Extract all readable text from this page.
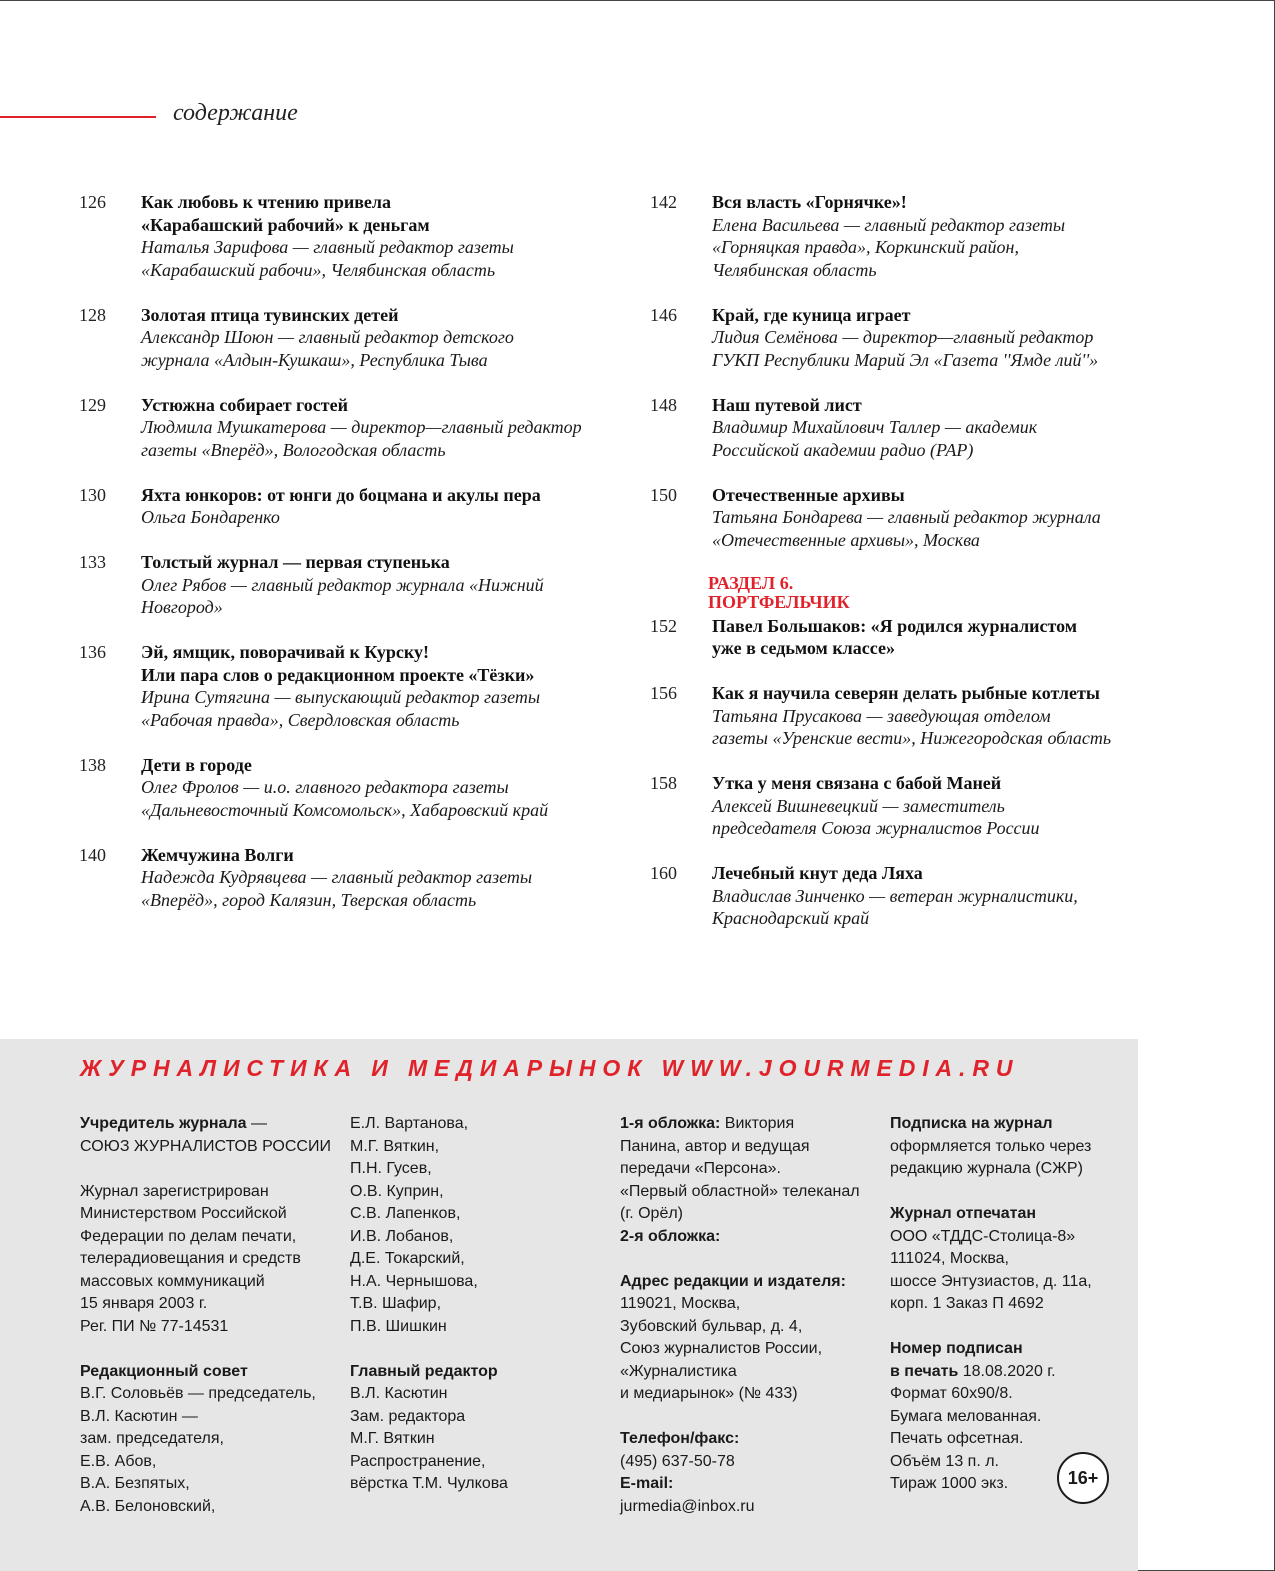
содержание
126 Как любовь к чтению привела
«Карабашский рабочий» к деньгам
Наталья Зарифова — главный редактор газеты
«Карабашский рабочи», Челябинская область
128 Золотая птица тувинских детей
Александр Шоюн — главный редактор детского
журнала «Алдын-Кушкаш», Республика Тыва
129 Устюжна собирает гостей
Людмила Мушкатерова — директор—главный редактор
газеты «Вперёд», Вологодская область
130 Яхта юнкоров: от юнги до боцмана и акулы пера
Ольга Бондаренко
133 Толстый журнал — первая ступенька
Олег Рябов — главный редактор журнала «Нижний
Новгород»
136 Эй, ямщик, поворачивай к Курску!
Или пара слов о редакционном проекте «Тёзки»
Ирина Сутягина — выпускающий редактор газеты
«Рабочая правда», Свердловская область
138 Дети в городе
Олег Фролов — и.о. главного редактора газеты
«Дальневосточный Комсомольск», Хабаровский край
140 Жемчужина Волги
Надежда Кудрявцева — главный редактор газеты
«Вперёд», город Калязин, Тверская область
142 Вся власть «Горнячке»!
Елена Васильева — главный редактор газеты
«Горняцкая правда», Коркинский район,
Челябинская область
146 Край, где куница играет
Лидия Семёнова — директор—главный редактор
ГУКП Республики Марий Эл «Газета ''Ямде лий''»
148 Наш путевой лист
Владимир Михайлович Таллер — академик
Российской академии радио (РАР)
150 Отечественные архивы
Татьяна Бондарева — главный редактор журнала
«Отечественные архивы», Москва
РАЗДЕЛ 6.
ПОРТФЕЛЬЧИК
152 Павел Большаков: «Я родился журналистом
уже в седьмом классе»
156 Как я научила северян делать рыбные котлеты
Татьяна Прусакова — заведующая отделом
газеты «Уренские вести», Нижегородская область
158 Утка у меня связана с бабой Маней
Алексей Вишневецкий — заместитель
председателя Союза журналистов России
160 Лечебный кнут деда Ляха
Владислав Зинченко — ветеран журналистики,
Краснодарский край
ЖУРНАЛИСТИКА И МЕДИАРЫНОК WWW.JOURMEDIA.RU

Учредитель журнала —

СОЮЗ ЖУРНАЛИСТОВ РОССИИ

Журнал зарегистрирован

Министерством Российской

Федерации по делам печати,

телерадиовещания и средств

массовых коммуникаций

15 января 2003 г.

Рег. ПИ № 77-14531

Редакционный совет

В.Г. Соловьёв — председатель,

В.Л. Касютин —

зам. председателя,

Е.В. Абов,

В.А. Безпятых,

А.В. Белоновский,

Е.Л. Вартанова,

М.Г. Вяткин,

П.Н. Гусев,

О.В. Куприн,

С.В. Лапенков,

И.В. Лобанов,

Д.Е. Токарский,

Н.А. Чернышова,

Т.В. Шафир,

П.В. Шишкин

Главный редактор

В.Л. Касютин

Зам. редактора

М.Г. Вяткин

Распространение,

вёрстка Т.М. Чулкова

1-я обложка: Виктория

Панина, автор и ведущая

передачи «Персона».

«Первый областной» телеканал

(г. Орёл)

2-я обложка:

Адрес редакции и издателя:

119021, Москва,

Зубовский бульвар, д. 4,

Союз журналистов России,

«Журналистика

и медиарынок» (№ 433)

Телефон/факс:

(495) 637-50-78

E-mail:

jurmedia@inbox.ru

Подписка на журнал

оформляется только через

редакцию журнала (СЖР)

Журнал отпечатан

ООО «ТДДС-Столица-8»

111024, Москва,

шоссе Энтузиастов, д. 11а,

корп. 1 Заказ П 4692

Номер подписан

в печать 18.08.2020 г.

Формат 60х90/8.

Бумага мелованная.

Печать офсетная.

Объём 13 п. л.

Тираж 1000 экз.	16+
